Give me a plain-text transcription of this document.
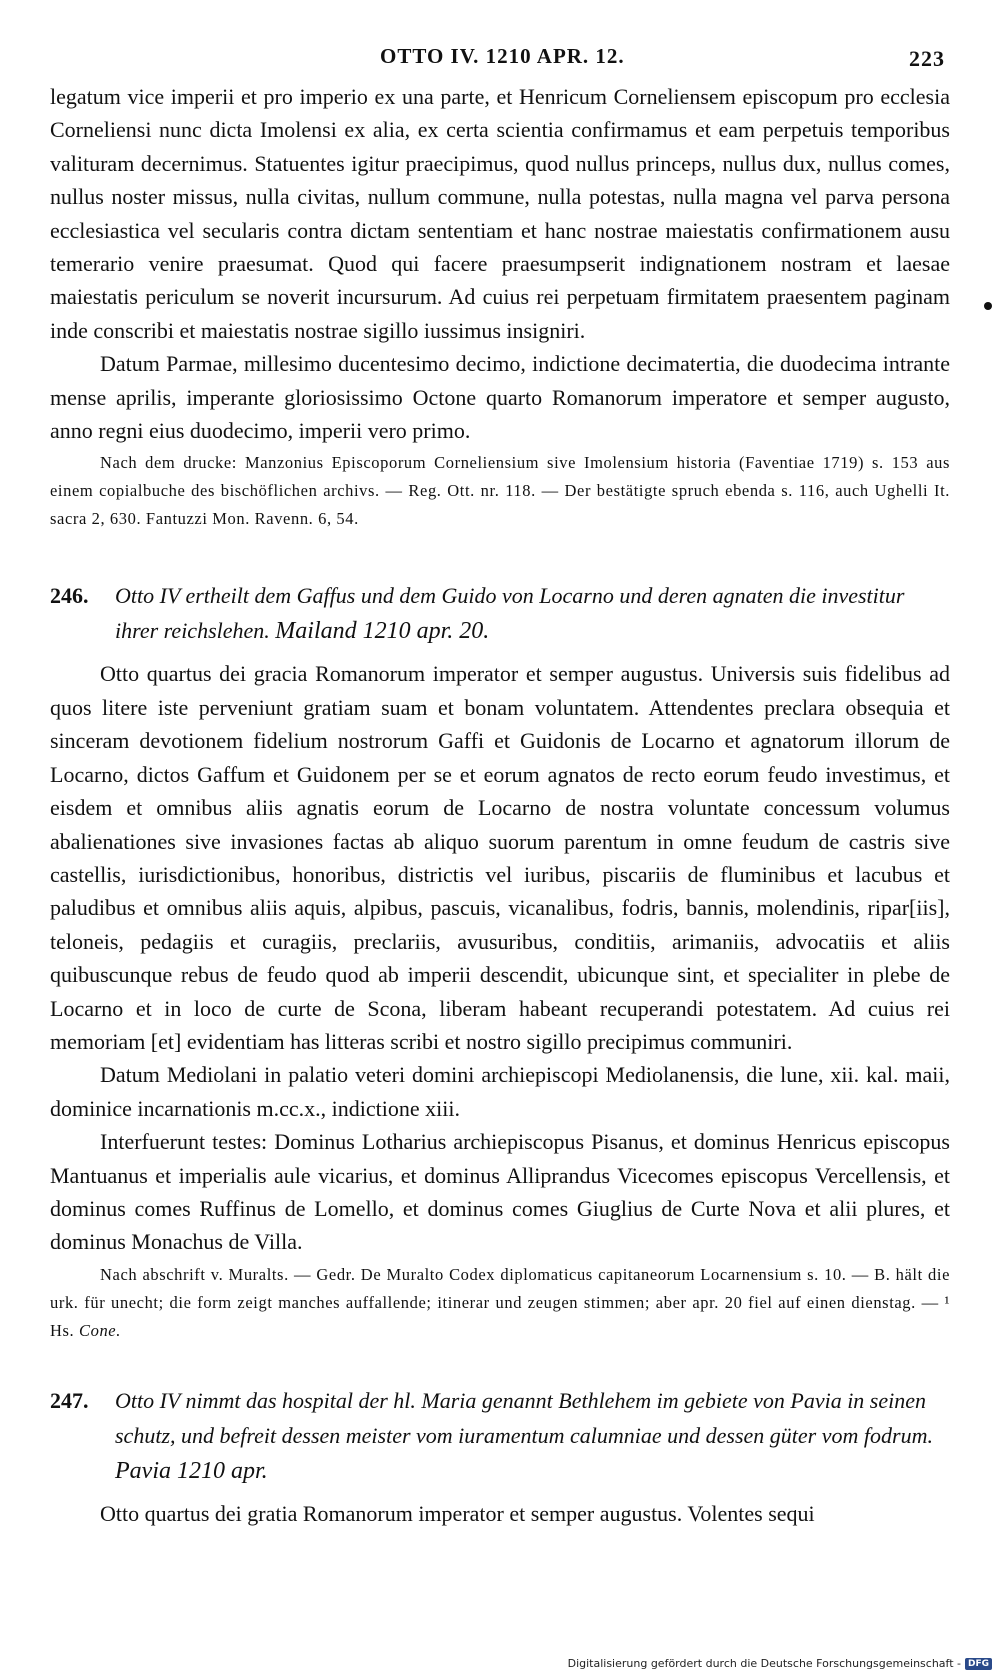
OTTO IV. 1210 APR. 12.	223

legatum vice imperii et pro imperio ex una parte, et Henricum Corneliensem episcopum pro ecclesia Corneliensi nunc dicta Imolensi ex alia, ex certa scientia confirmamus et eam perpetuis temporibus valituram decernimus. Statuentes igitur praecipimus, quod nullus princeps, nullus dux, nullus comes, nullus noster missus, nulla civitas, nullum commune, nulla potestas, nulla magna vel parva persona ecclesiastica vel secularis contra dictam sententiam et hanc nostrae maiestatis confirmationem ausu temerario venire praesumat. Quod qui facere praesumpserit indignationem nostram et laesae maiestatis periculum se noverit incursurum. Ad cuius rei perpetuam firmitatem praesentem paginam inde conscribi et maiestatis nostrae sigillo iussimus insigniri.

Datum Parmae, millesimo ducentesimo decimo, indictione decimatertia, die duodecima intrante mense aprilis, imperante gloriosissimo Octone quarto Romanorum imperatore et semper augusto, anno regni eius duodecimo, imperii vero primo.

Nach dem drucke: Manzonius Episcoporum Corneliensium sive Imolensium historia (Faventiae 1719) s. 153 aus einem copialbuche des bischöflichen archivs. — Reg. Ott. nr. 118. — Der bestätigte spruch ebenda s. 116, auch Ughelli It. sacra 2, 630. Fantuzzi Mon. Ravenn. 6, 54.

246. Otto IV ertheilt dem Gaffus und dem Guido von Locarno und deren agnaten die investitur ihrer reichslehen. Mailand 1210 apr. 20.

Otto quartus dei gracia Romanorum imperator et semper augustus. Universis suis fidelibus ad quos litere iste perveniunt gratiam suam et bonam voluntatem. Attendentes preclara obsequia et sinceram devotionem fidelium nostrorum Gaffi et Guidonis de Locarno et agnatorum illorum de Locarno, dictos Gaffum et Guidonem per se et eorum agnatos de recto eorum feudo investimus, et eisdem et omnibus aliis agnatis eorum de Locarno de nostra voluntate concessum volumus abalienationes sive invasiones factas ab aliquo suorum parentum in omne feudum de castris sive castellis, iurisdictionibus, honoribus, districtis vel iuribus, piscariis de fluminibus et lacubus et paludibus et omnibus aliis aquis, alpibus, pascuis, vicanalibus, fodris, bannis, molendinis, ripar[iis], teloneis, pedagiis et curagiis, preclariis, avusuribus, conditiis, arimaniis, advocatiis et aliis quibuscunque rebus de feudo quod ab imperii descendit, ubicunque sint, et specialiter in plebe de Locarno et in loco de curte de Scona, liberam habeant recuperandi potestatem. Ad cuius rei memoriam [et] evidentiam has litteras scribi et nostro sigillo precipimus communiri.

Datum Mediolani in palatio veteri domini archiepiscopi Mediolanensis, die lune, xii. kal. maii, dominice incarnationis m.cc.x., indictione xiii.

Interfuerunt testes: Dominus Lotharius archiepiscopus Pisanus, et dominus Henricus episcopus Mantuanus et imperialis aule vicarius, et dominus Alliprandus Vicecomes episcopus Vercellensis, et dominus comes Ruffinus de Lomello, et dominus comes Giuglius de Curte Nova et alii plures, et dominus Monachus de Villa.

Nach abschrift v. Muralts. — Gedr. De Muralto Codex diplomaticus capitaneorum Locarnensium s. 10. — B. hält die urk. für unecht; die form zeigt manches auffallende; itinerar und zeugen stimmen; aber apr. 20 fiel auf einen dienstag. — ¹ Hs. Cone.

247. Otto IV nimmt das hospital der hl. Maria genannt Bethlehem im gebiete von Pavia in seinen schutz, und befreit dessen meister vom iuramentum calumniae und dessen güter vom fodrum. Pavia 1210 apr.

Otto quartus dei gratia Romanorum imperator et semper augustus. Volentes sequi

Digitalisierung gefördert durch die Deutsche Forschungsgemeinschaft - DFG
